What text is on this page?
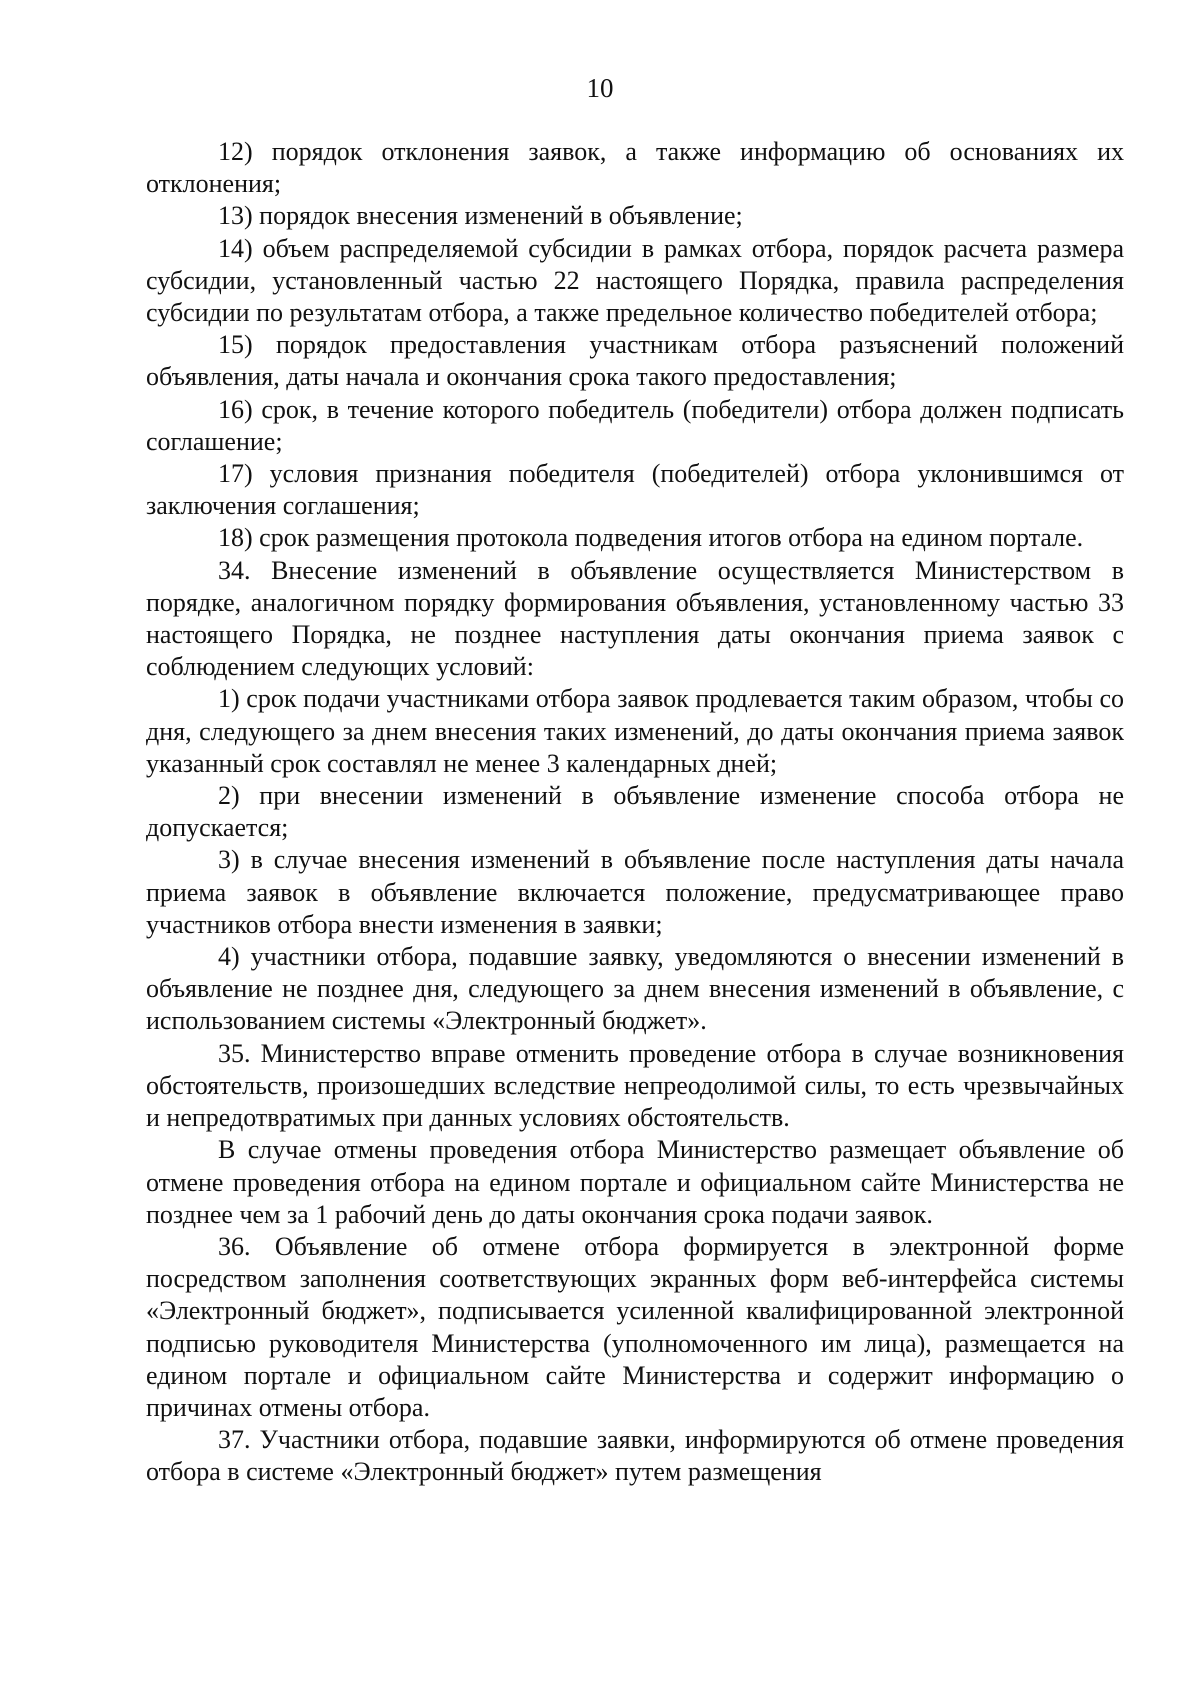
10

12) порядок отклонения заявок, а также информацию об основаниях их отклонения;

13) порядок внесения изменений в объявление;

14) объем распределяемой субсидии в рамках отбора, порядок расчета размера субсидии, установленный частью 22 настоящего Порядка, правила распределения субсидии по результатам отбора, а также предельное количество победителей отбора;

15) порядок предоставления участникам отбора разъяснений положений объявления, даты начала и окончания срока такого предоставления;

16) срок, в течение которого победитель (победители) отбора должен подписать соглашение;

17) условия признания победителя (победителей) отбора уклонившимся от заключения соглашения;

18) срок размещения протокола подведения итогов отбора на едином портале.

34. Внесение изменений в объявление осуществляется Министерством в порядке, аналогичном порядку формирования объявления, установленному частью 33 настоящего Порядка, не позднее наступления даты окончания приема заявок с соблюдением следующих условий:

1) срок подачи участниками отбора заявок продлевается таким образом, чтобы со дня, следующего за днем внесения таких изменений, до даты окончания приема заявок указанный срок составлял не менее 3 календарных дней;

2) при внесении изменений в объявление изменение способа отбора не допускается;

3) в случае внесения изменений в объявление после наступления даты начала приема заявок в объявление включается положение, предусматривающее право участников отбора внести изменения в заявки;

4) участники отбора, подавшие заявку, уведомляются о внесении изменений в объявление не позднее дня, следующего за днем внесения изменений в объявление, с использованием системы «Электронный бюджет».

35. Министерство вправе отменить проведение отбора в случае возникновения обстоятельств, произошедших вследствие непреодолимой силы, то есть чрезвычайных и непредотвратимых при данных условиях обстоятельств.

В случае отмены проведения отбора Министерство размещает объявление об отмене проведения отбора на едином портале и официальном сайте Министерства не позднее чем за 1 рабочий день до даты окончания срока подачи заявок.

36. Объявление об отмене отбора формируется в электронной форме посредством заполнения соответствующих экранных форм веб-интерфейса системы «Электронный бюджет», подписывается усиленной квалифицированной электронной подписью руководителя Министерства (уполномоченного им лица), размещается на едином портале и официальном сайте Министерства и содержит информацию о причинах отмены отбора.

37. Участники отбора, подавшие заявки, информируются об отмене проведения отбора в системе «Электронный бюджет» путем размещения
